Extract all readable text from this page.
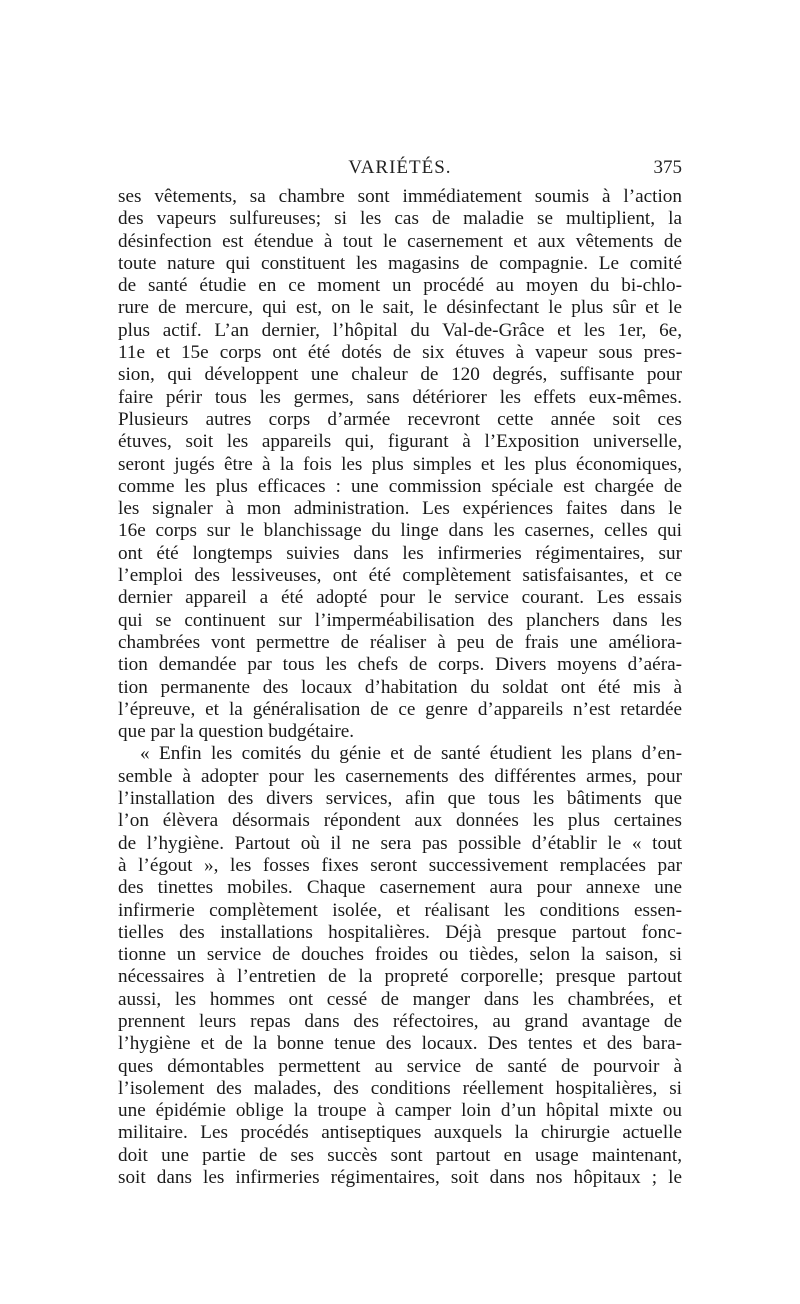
VARIÉTÉS.	375
ses vêtements, sa chambre sont immédiatement soumis à l’action
des vapeurs sulfureuses; si les cas de maladie se multiplient, la
désinfection est étendue à tout le casernement et aux vêtements de
toute nature qui constituent les magasins de compagnie. Le comité
de santé étudie en ce moment un procédé au moyen du bi-chlo-
rure de mercure, qui est, on le sait, le désinfectant le plus sûr et le
plus actif. L’an dernier, l’hôpital du Val-de-Grâce et les 1er, 6e,
11e et 15e corps ont été dotés de six étuves à vapeur sous pres-
sion, qui développent une chaleur de 120 degrés, suffisante pour
faire périr tous les germes, sans détériorer les effets eux-mêmes.
Plusieurs autres corps d’armée recevront cette année soit ces
étuves, soit les appareils qui, figurant à l’Exposition universelle,
seront jugés être à la fois les plus simples et les plus économiques,
comme les plus efficaces : une commission spéciale est chargée de
les signaler à mon administration. Les expériences faites dans le
16e corps sur le blanchissage du linge dans les casernes, celles qui
ont été longtemps suivies dans les infirmeries régimentaires, sur
l’emploi des lessiveuses, ont été complètement satisfaisantes, et ce
dernier appareil a été adopté pour le service courant. Les essais
qui se continuent sur l’imperméabilisation des planchers dans les
chambrées vont permettre de réaliser à peu de frais une améliora-
tion demandée par tous les chefs de corps. Divers moyens d’aéra-
tion permanente des locaux d’habitation du soldat ont été mis à
l’épreuve, et la généralisation de ce genre d’appareils n’est retardée
que par la question budgétaire.
« Enfin les comités du génie et de santé étudient les plans d’en-
semble à adopter pour les casernements des différentes armes, pour
l’installation des divers services, afin que tous les bâtiments que
l’on élèvera désormais répondent aux données les plus certaines
de l’hygiène. Partout où il ne sera pas possible d’établir le « tout
à l’égout », les fosses fixes seront successivement remplacées par
des tinettes mobiles. Chaque casernement aura pour annexe une
infirmerie complètement isolée, et réalisant les conditions essen-
tielles des installations hospitalières. Déjà presque partout fonc-
tionne un service de douches froides ou tièdes, selon la saison, si
nécessaires à l’entretien de la propreté corporelle; presque partout
aussi, les hommes ont cessé de manger dans les chambrées, et
prennent leurs repas dans des réfectoires, au grand avantage de
l’hygiène et de la bonne tenue des locaux. Des tentes et des bara-
ques démontables permettent au service de santé de pourvoir à
l’isolement des malades, des conditions réellement hospitalières, si
une épidémie oblige la troupe à camper loin d’un hôpital mixte ou
militaire. Les procédés antiseptiques auxquels la chirurgie actuelle
doit une partie de ses succès sont partout en usage maintenant,
soit dans les infirmeries régimentaires, soit dans nos hôpitaux ; le
